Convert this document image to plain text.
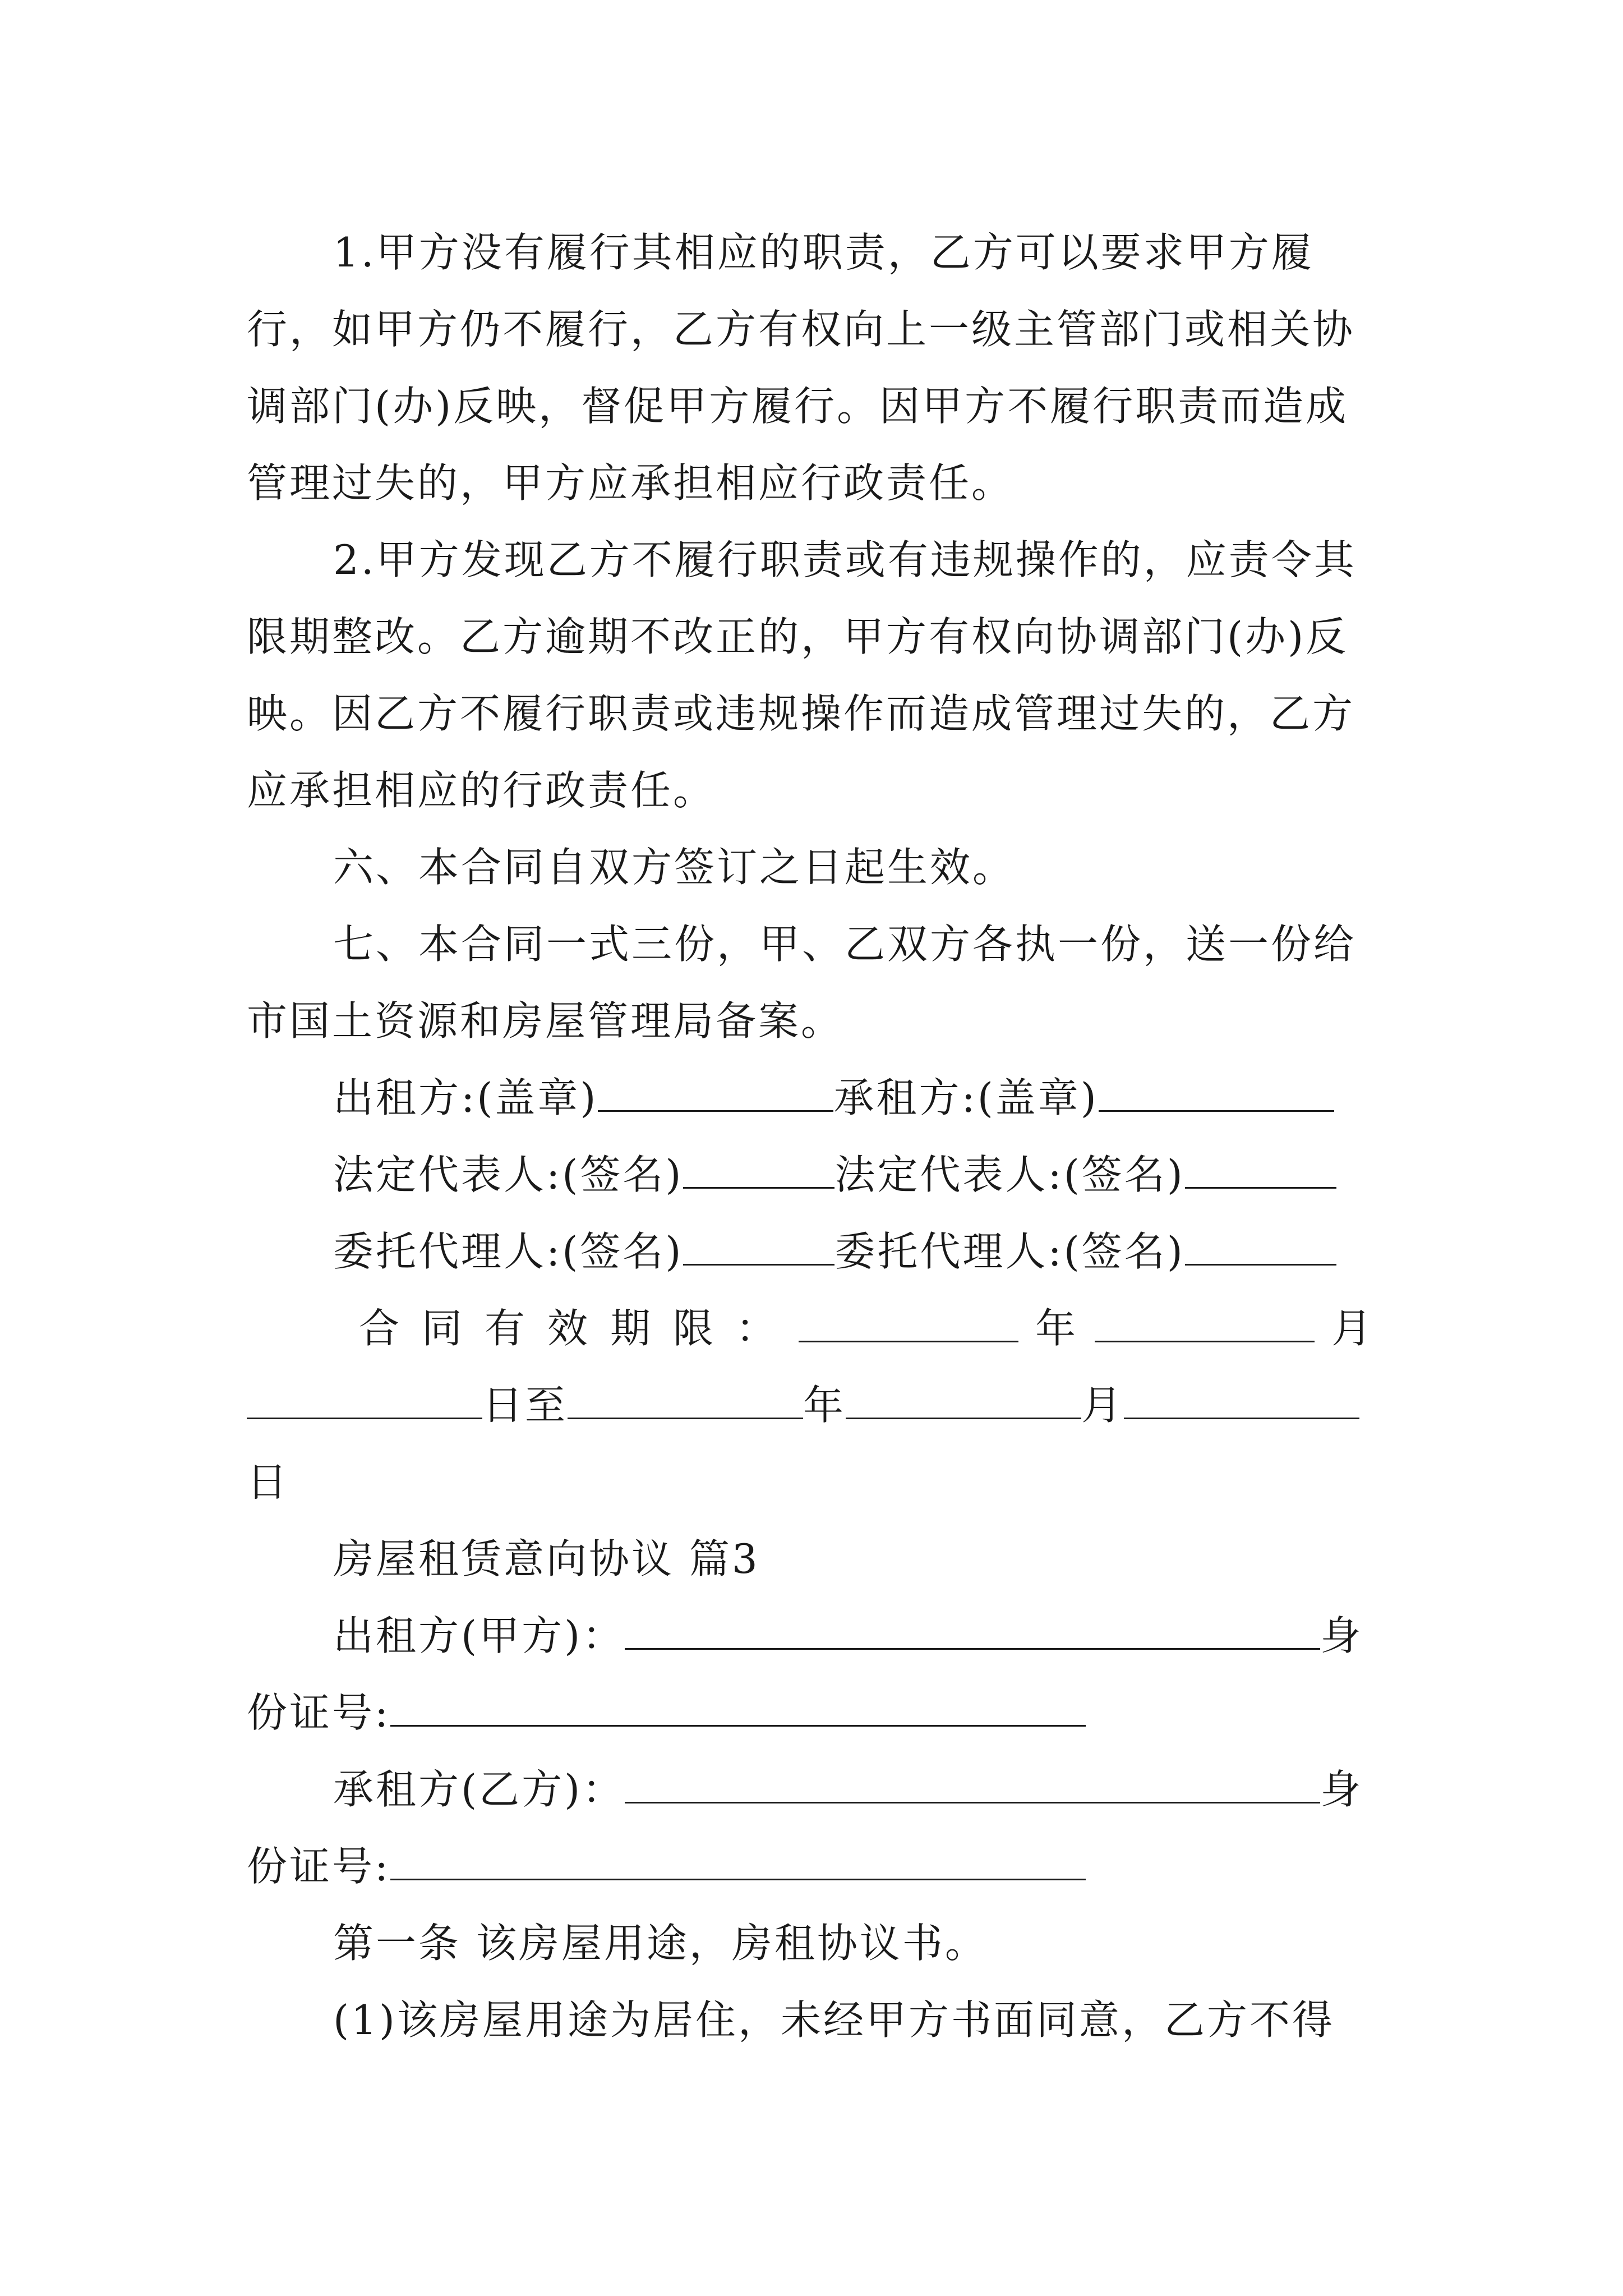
1.甲方没有履行其相应的职责，乙方可以要求甲方履行，如甲方仍不履行，乙方有权向上一级主管部门或相关协调部门(办)反映，督促甲方履行。因甲方不履行职责而造成管理过失的，甲方应承担相应行政责任。

2.甲方发现乙方不履行职责或有违规操作的，应责令其限期整改。乙方逾期不改正的，甲方有权向协调部门(办)反映。因乙方不履行职责或违规操作而造成管理过失的，乙方应承担相应的行政责任。

六、本合同自双方签订之日起生效。

七、本合同一式三份，甲、乙双方各执一份，送一份给市国土资源和房屋管理局备案。

出租方:(盖章)	承租方:(盖章)
法定代表人:(签名)	法定代表人:(签名)
委托代理人:(签名)	委托代理人:(签名)
合同有效期限：	年	月
日至	年	月

日

房屋租赁意向协议 篇3

出租方(甲方)：	身
份证号:
承租方(乙方)：	身
份证号:

第一条 该房屋用途，房租协议书。

(1)该房屋用途为居住，未经甲方书面同意，乙方不得
